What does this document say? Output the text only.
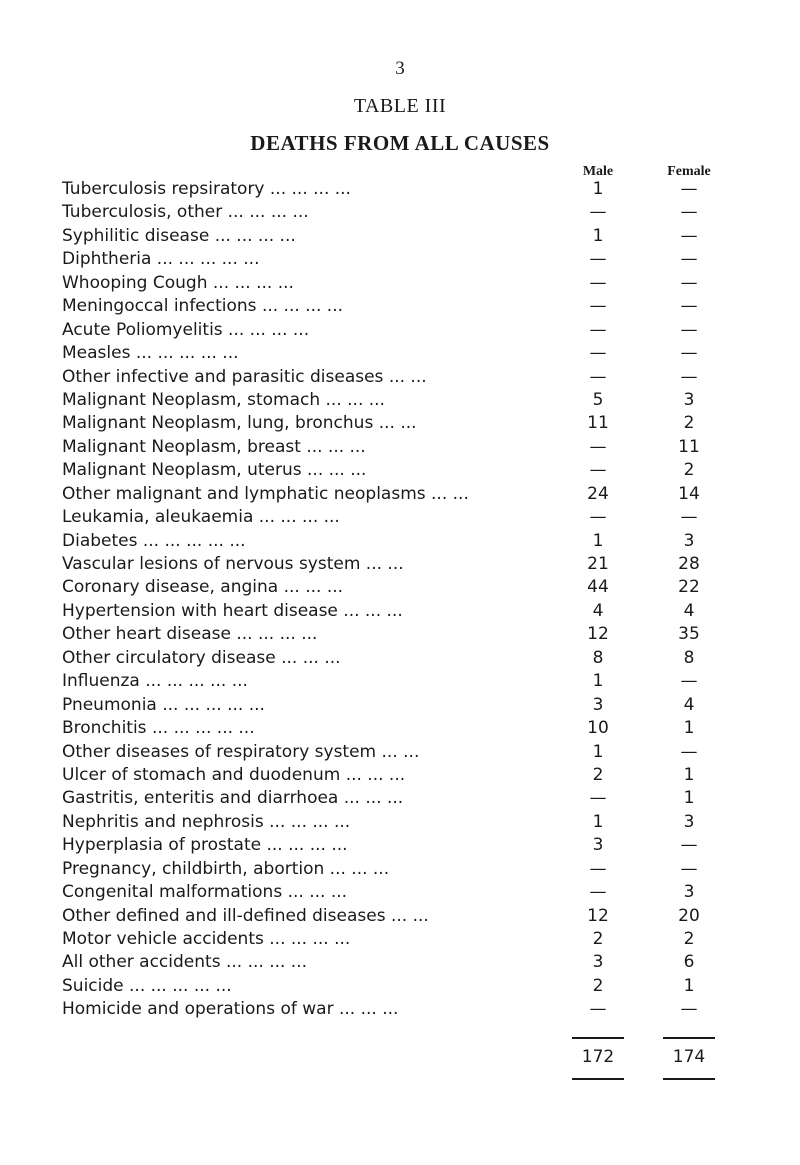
3
TABLE III
DEATHS FROM ALL CAUSES
Male	Female
Tuberculosis repsiratory ... ... ... ...	1	—
Tuberculosis, other ... ... ... ...	—	—
Syphilitic disease ... ... ... ...	1	—
Diphtheria ... ... ... ... ...	—	—
Whooping Cough ... ... ... ...	—	—
Meningoccal infections ... ... ... ...	—	—
Acute Poliomyelitis ... ... ... ...	—	—
Measles ... ... ... ... ...	—	—
Other infective and parasitic diseases ... ...	—	—
Malignant Neoplasm, stomach ... ... ...	5	3
Malignant Neoplasm, lung, bronchus ... ...	11	2
Malignant Neoplasm, breast ... ... ...	—	11
Malignant Neoplasm, uterus ... ... ...	—	2
Other malignant and lymphatic neoplasms ... ...	24	14
Leukamia, aleukaemia ... ... ... ...	—	—
Diabetes ... ... ... ... ...	1	3
Vascular lesions of nervous system ... ...	21	28
Coronary disease, angina ... ... ...	44	22
Hypertension with heart disease ... ... ...	4	4
Other heart disease ... ... ... ...	12	35
Other circulatory disease ... ... ...	8	8
Influenza ... ... ... ... ...	1	—
Pneumonia ... ... ... ... ...	3	4
Bronchitis ... ... ... ... ...	10	1
Other diseases of respiratory system ... ...	1	—
Ulcer of stomach and duodenum ... ... ...	2	1
Gastritis, enteritis and diarrhoea ... ... ...	—	1
Nephritis and nephrosis ... ... ... ...	1	3
Hyperplasia of prostate ... ... ... ...	3	—
Pregnancy, childbirth, abortion ... ... ...	—	—
Congenital malformations ... ... ...	—	3
Other defined and ill-defined diseases ... ...	12	20
Motor vehicle accidents ... ... ... ...	2	2
All other accidents ... ... ... ...	3	6
Suicide ... ... ... ... ...	2	1
Homicide and operations of war ... ... ...	—	—
172	174
